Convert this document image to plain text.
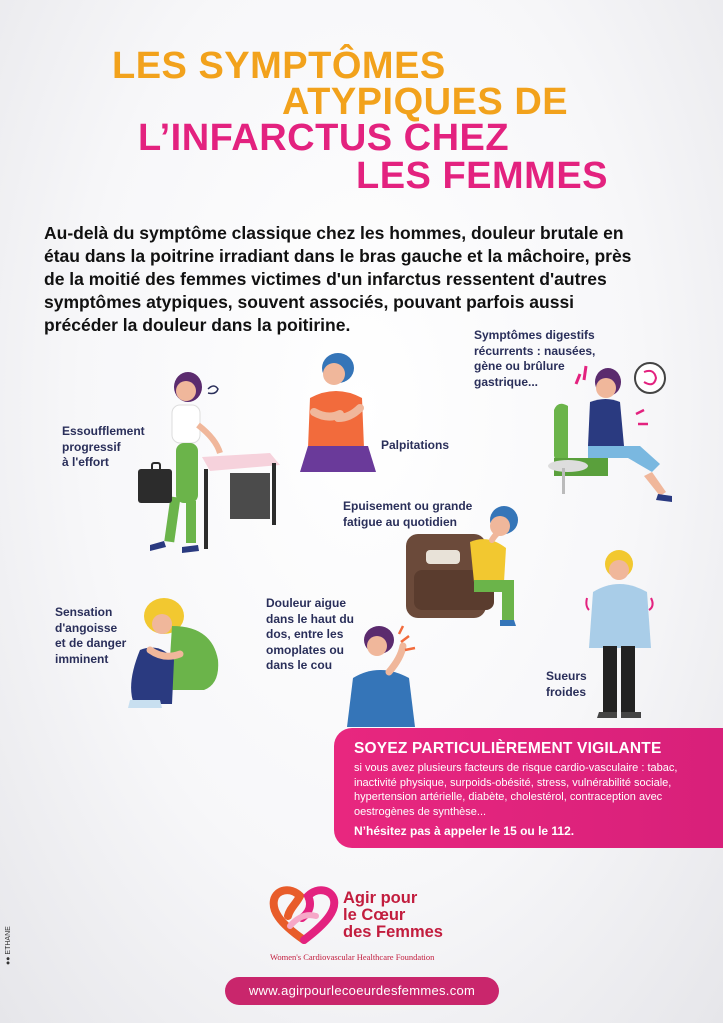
LES SYMPTÔMES
ATYPIQUES DE
L’INFARCTUS CHEZ
LES FEMMES

Au-delà du symptôme classique chez les hommes, douleur brutale en étau dans la poitrine irradiant dans le bras gauche et la mâchoire, près de la moitié des femmes victimes d'un infarctus ressentent d'autres symptômes atypiques, souvent associés, pouvant parfois aussi précéder la douleur dans la poitirine.

Essoufflement
progressif
à l'effort

Palpitations

Symptômes digestifs
récurrents : nausées,
gène ou brûlure
gastrique...

Epuisement ou grande
fatigue au quotidien

Sensation
d'angoisse
et de danger
imminent

Douleur aigue
dans le haut du
dos, entre les
omoplates ou
dans le cou

Sueurs
froides

SOYEZ PARTICULIÈREMENT VIGILANTE

si vous avez plusieurs facteurs de risque cardio-vasculaire : tabac, inactivité physique, surpoids-obésité, stress, vulnérabilité sociale, hypertension artérielle, diabète, cholestérol, contraception avec oestrogènes de synthèse...

N’hésitez pas à appeler le 15 ou le 112.

Agir pour
le Cœur
des Femmes

Women's Cardiovascular Healthcare Foundation

www.agirpourlecoeurdesfemmes.com

●● ETHANE
